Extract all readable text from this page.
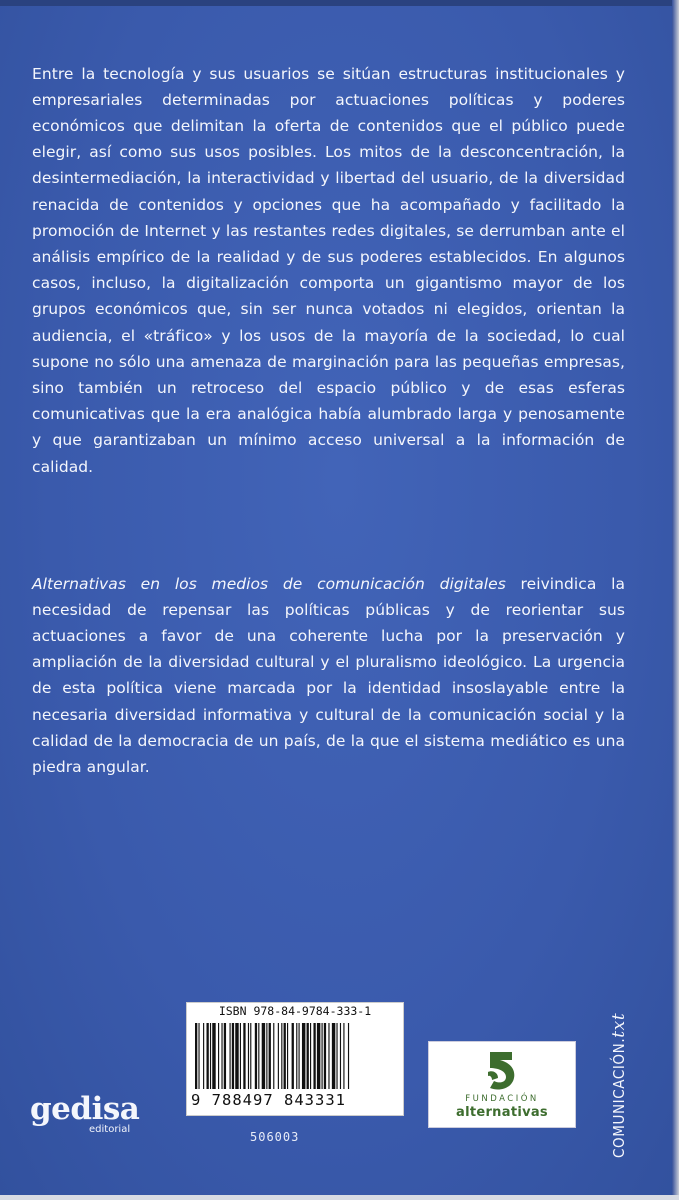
Entre la tecnología y sus usuarios se sitúan estructuras institucionales y empresariales determinadas por actuaciones políticas y poderes económicos que delimitan la oferta de contenidos que el público puede elegir, así como sus usos posibles. Los mitos de la desconcentración, la desintermediación, la interactividad y libertad del usuario, de la diversidad renacida de contenidos y opciones que ha acompañado y facilitado la promoción de Internet y las restantes redes digitales, se derrumban ante el análisis empírico de la realidad y de sus poderes establecidos. En algunos casos, incluso, la digitalización comporta un gigantismo mayor de los grupos económicos que, sin ser nunca votados ni elegidos, orientan la audiencia, el «tráfico» y los usos de la mayoría de la sociedad, lo cual supone no sólo una amenaza de marginación para las pequeñas empresas, sino también un retroceso del espacio público y de esas esferas comunicativas que la era analógica había alumbrado larga y penosamente y que garantizaban un mínimo acceso universal a la información de calidad.

Alternativas en los medios de comunicación digitales reivindica la necesidad de repensar las políticas públicas y de reorientar sus actuaciones a favor de una coherente lucha por la preservación y ampliación de la diversidad cultural y el pluralismo ideológico. La urgencia de esta política viene marcada por la identidad insoslayable entre la necesaria diversidad informativa y cultural de la comunicación social y la calidad de la democracia de un país, de la que el sistema mediático es una piedra angular.

COMUNICACIÓN.txt
ISBN 978-84-9784-333-1
9 788497 843331
506003
gedisa
editorial
FUNDACIÓN
alternativas
